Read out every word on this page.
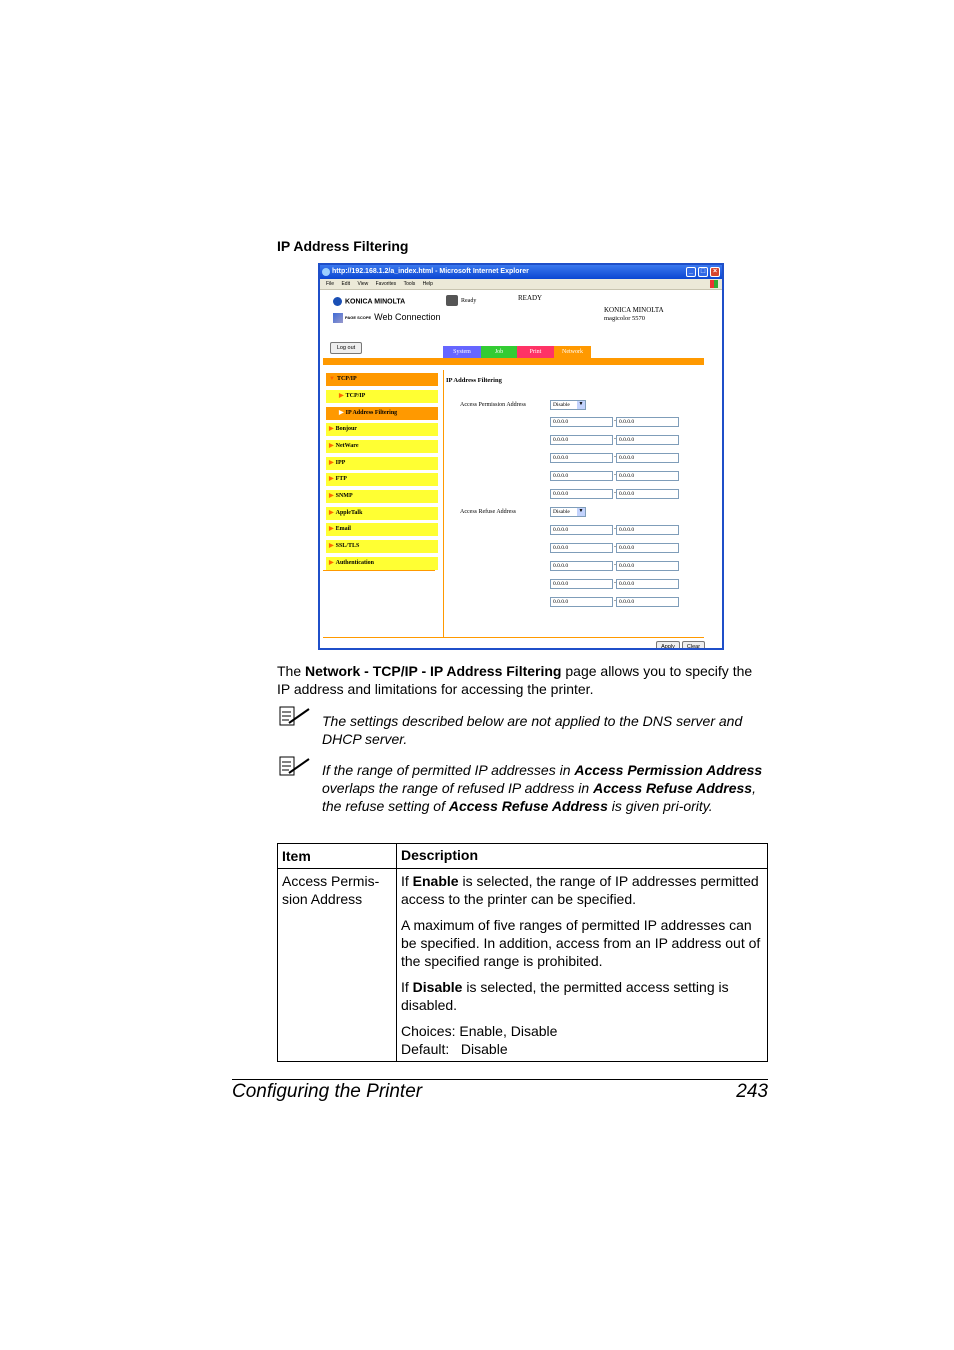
IP Address Filtering
http://192.168.1.2/a_index.html - Microsoft Internet Explorer	_	□	×
File Edit View Favorites Tools Help
KONICA MINOLTA
PAGE SCOPE Web Connection
Ready	READY
KONICA MINOLTA
magicolor 5570
Log out
System	Job	Print	Network
▼ TCP/IP
▶ TCP/IP
▶ IP Address Filtering
▶ Bonjour
▶ NetWare
▶ IPP
▶ FTP
▶ SNMP
▶ AppleTalk
▶ Email
▶ SSL/TLS
▶ Authentication
IP Address Filtering
Access Permission Address	Disable	▼
0.0.0.0	- 0.0.0.0
0.0.0.0	- 0.0.0.0
0.0.0.0	- 0.0.0.0
0.0.0.0	- 0.0.0.0
0.0.0.0	- 0.0.0.0
Access Refuse Address	Disable	▼
0.0.0.0	- 0.0.0.0
0.0.0.0	- 0.0.0.0
0.0.0.0	- 0.0.0.0
0.0.0.0	- 0.0.0.0
0.0.0.0	- 0.0.0.0
Apply	Clear
The Network - TCP/IP - IP Address Filtering page allows you to specify the IP address and limitations for accessing the printer.
The settings described below are not applied to the DNS server and DHCP server.
If the range of permitted IP addresses in Access Permission Address overlaps the range of refused IP address in Access Refuse Address, the refuse setting of Access Refuse Address is given pri-ority.
Item	Description
Access Permis-sion Address	If Enable is selected, the range of IP addresses permitted access to the printer can be specified.

A maximum of five ranges of permitted IP addresses can be specified. In addition, access from an IP address out of the specified range is prohibited.

If Disable is selected, the permitted access setting is disabled.

Choices: Enable, Disable
Default:   Disable

Configuring the Printer	243
